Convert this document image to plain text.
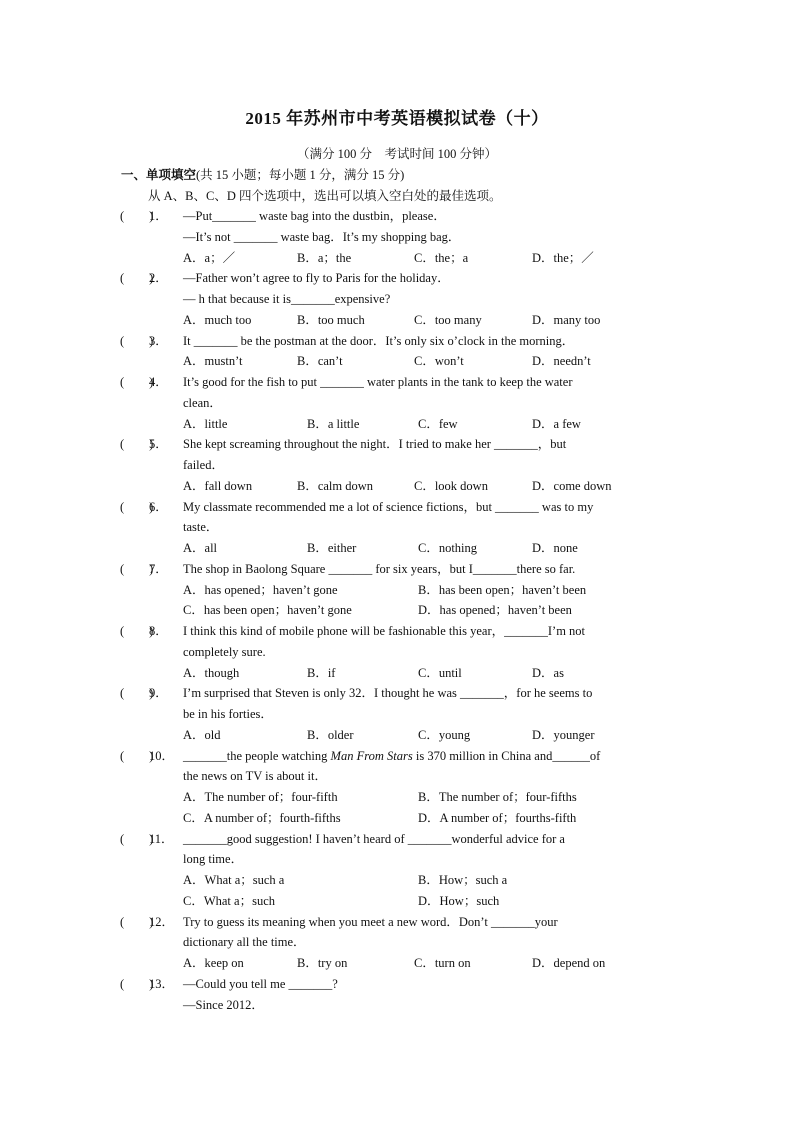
2015 年苏州市中考英语模拟试卷（十）
（满分 100 分　考试时间 100 分钟）
一、单项填空(共 15 小题；每小题 1 分，满分 15 分)
从 A、B、C、D 四个选项中，选出可以填入空白处的最佳选项。
(　　)
1． —Put_______ waste bag into the dustbin，please．
—It’s not _______ waste bag．It’s my shopping bag．
A．a；／	B．a；the	C．the；a	D．the；／
(　　)
2． —Father won’t agree to fly to Paris for the holiday．
— h that because it is_______expensive?
A．much too	B．too much	C．too many	D．many too
(　　)
3． It _______ be the postman at the door．It’s only six o’clock in the morning．
A．mustn’t	B．can’t	C．won’t	D．needn’t
(　　)
4． It’s good for the fish to put _______ water plants in the tank to keep the water
clean．
A．little	B．a little	C．few	D．a few
(　　)
5． She kept screaming throughout the night．I tried to make her _______，but
failed．
A．fall down	B．calm down	C．look down	D．come down
(　　)
6． My classmate recommended me a lot of science fictions，but _______ was to my
taste．
A．all	B．either	C．nothing	D．none
(　　)
7． The shop in Baolong Square _______ for six years，but I_______there so far.
A．has opened；haven’t gone	B．has been open；haven’t been
C．has been open；haven’t gone	D．has opened；haven’t been
(　　)
8． I think this kind of mobile phone will be fashionable this year，_______I’m not
completely sure.
A．though	B．if	C．until	D．as
(　　)
9． I’m surprised that Steven is only 32．I thought he was _______，for he seems to
be in his forties．
A．old	B．older	C．young	D．younger
(　　)
10． _______the people watching Man From Stars is 370 million in China and______of
the news on TV is about it．
A．The number of；four-fifth	B．The number of；four-fifths
C．A number of；fourth-fifths	D．A number of；fourths-fifth
(　　)
11． _______good suggestion! I haven’t heard of _______wonderful advice for a
long time．
A．What a；such a	B．How；such a
C．What a；such	D．How；such
(　　)
12． Try to guess its meaning when you meet a new word．Don’t _______your
dictionary all the time．
A．keep on	B．try on	C．turn on	D．depend on
(　　)
13． —Could you tell me _______?
—Since 2012．
